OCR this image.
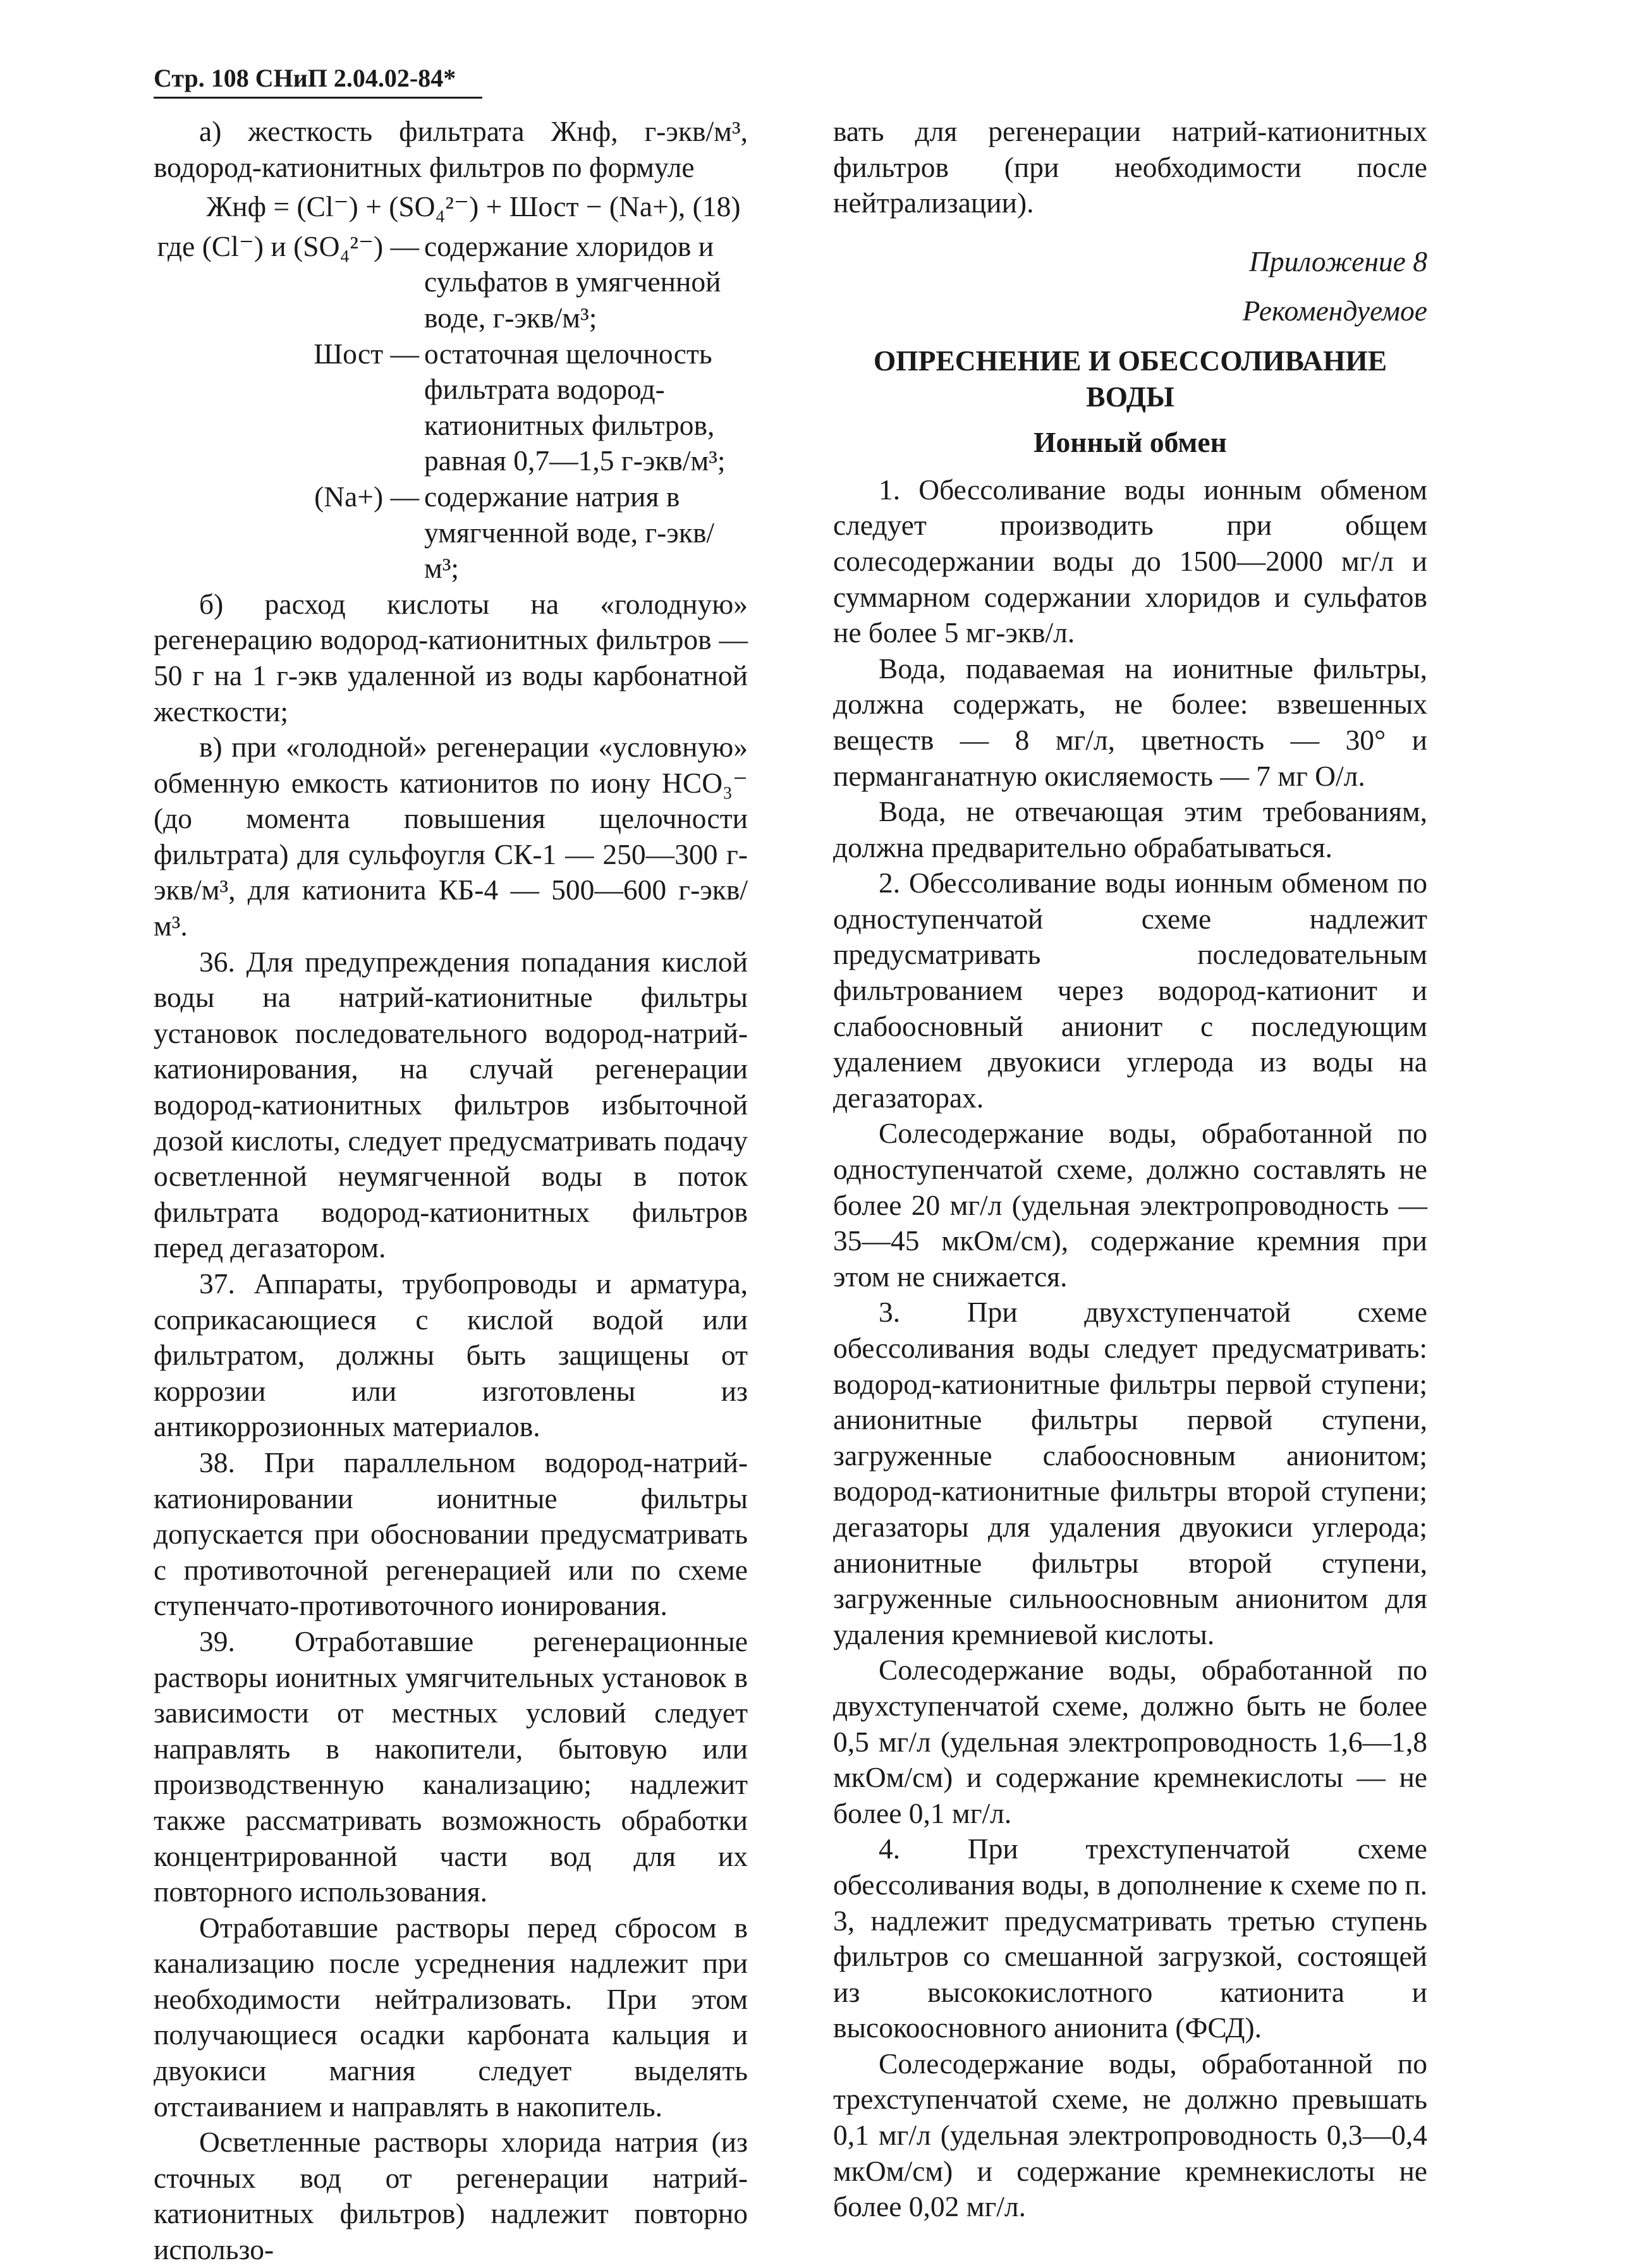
Стр. 108 СНиП 2.04.02-84*

а) жесткость фильтрата Жнф, г-экв/м³, водород-катионитных фильтров по формуле

Жнф = (Cl⁻) + (SO₄²⁻) + Шост − (Na+), (18)

где (Cl⁻) и (SO₄²⁻) — содержание хлоридов и сульфатов в умягченной воде, г-экв/м³;
Шост — остаточная щелочность фильтрата водород-катионитных фильтров, равная 0,7—1,5 г-экв/м³;
(Na+) — содержание натрия в умягченной воде, г-экв/м³;

б) расход кислоты на «голодную» регенерацию водород-катионитных фильтров — 50 г на 1 г-экв удаленной из воды карбонатной жесткости;

в) при «голодной» регенерации «условную» обменную емкость катионитов по иону HCO₃⁻ (до момента повышения щелочности фильтрата) для сульфоугля СК-1 — 250—300 г-экв/м³, для катионита КБ-4 — 500—600 г-экв/м³.

36. Для предупреждения попадания кислой воды на натрий-катионитные фильтры установок последовательного водород-натрий-катионирования, на случай регенерации водород-катионитных фильтров избыточной дозой кислоты, следует предусматривать подачу осветленной неумягченной воды в поток фильтрата водород-катионитных фильтров перед дегазатором.

37. Аппараты, трубопроводы и арматура, соприкасающиеся с кислой водой или фильтратом, должны быть защищены от коррозии или изготовлены из антикоррозионных материалов.

38. При параллельном водород-натрий-катионировании ионитные фильтры допускается при обосновании предусматривать с противоточной регенерацией или по схеме ступенчато-противоточного ионирования.

39. Отработавшие регенерационные растворы ионитных умягчительных установок в зависимости от местных условий следует направлять в накопители, бытовую или производственную канализацию; надлежит также рассматривать возможность обработки концентрированной части вод для их повторного использования.

Отработавшие растворы перед сбросом в канализацию после усреднения надлежит при необходимости нейтрализовать. При этом получающиеся осадки карбоната кальция и двуокиси магния следует выделять отстаиванием и направлять в накопитель.

Осветленные растворы хлорида натрия (из сточных вод от регенерации натрий-катионитных фильтров) надлежит повторно использо-

вать для регенерации натрий-катионитных фильтров (при необходимости после нейтрализации).

Приложение 8

Рекомендуемое

ОПРЕСНЕНИЕ И ОБЕССОЛИВАНИЕ ВОДЫ

Ионный обмен

1. Обессоливание воды ионным обменом следует производить при общем солесодержании воды до 1500—2000 мг/л и суммарном содержании хлоридов и сульфатов не более 5 мг-экв/л.

Вода, подаваемая на ионитные фильтры, должна содержать, не более: взвешенных веществ — 8 мг/л, цветность — 30° и перманганатную окисляемость — 7 мг О/л.

Вода, не отвечающая этим требованиям, должна предварительно обрабатываться.

2. Обессоливание воды ионным обменом по одноступенчатой схеме надлежит предусматривать последовательным фильтрованием через водород-катионит и слабоосновный анионит с последующим удалением двуокиси углерода из воды на дегазаторах.

Солесодержание воды, обработанной по одноступенчатой схеме, должно составлять не более 20 мг/л (удельная электропроводность — 35—45 мкОм/см), содержание кремния при этом не снижается.

3. При двухступенчатой схеме обессоливания воды следует предусматривать: водород-катионитные фильтры первой ступени; анионитные фильтры первой ступени, загруженные слабоосновным анионитом; водород-катионитные фильтры второй ступени; дегазаторы для удаления двуокиси углерода; анионитные фильтры второй ступени, загруженные сильноосновным анионитом для удаления кремниевой кислоты.

Солесодержание воды, обработанной по двухступенчатой схеме, должно быть не более 0,5 мг/л (удельная электропроводность 1,6—1,8 мкОм/см) и содержание кремнекислоты — не более 0,1 мг/л.

4. При трехступенчатой схеме обессоливания воды, в дополнение к схеме по п. 3, надлежит предусматривать третью ступень фильтров со смешанной загрузкой, состоящей из высококислотного катионита и высокоосновного анионита (ФСД).

Солесодержание воды, обработанной по трехступенчатой схеме, не должно превышать 0,1 мг/л (удельная электропроводность 0,3—0,4 мкОм/см) и содержание кремнекислоты не более 0,02 мг/л.
